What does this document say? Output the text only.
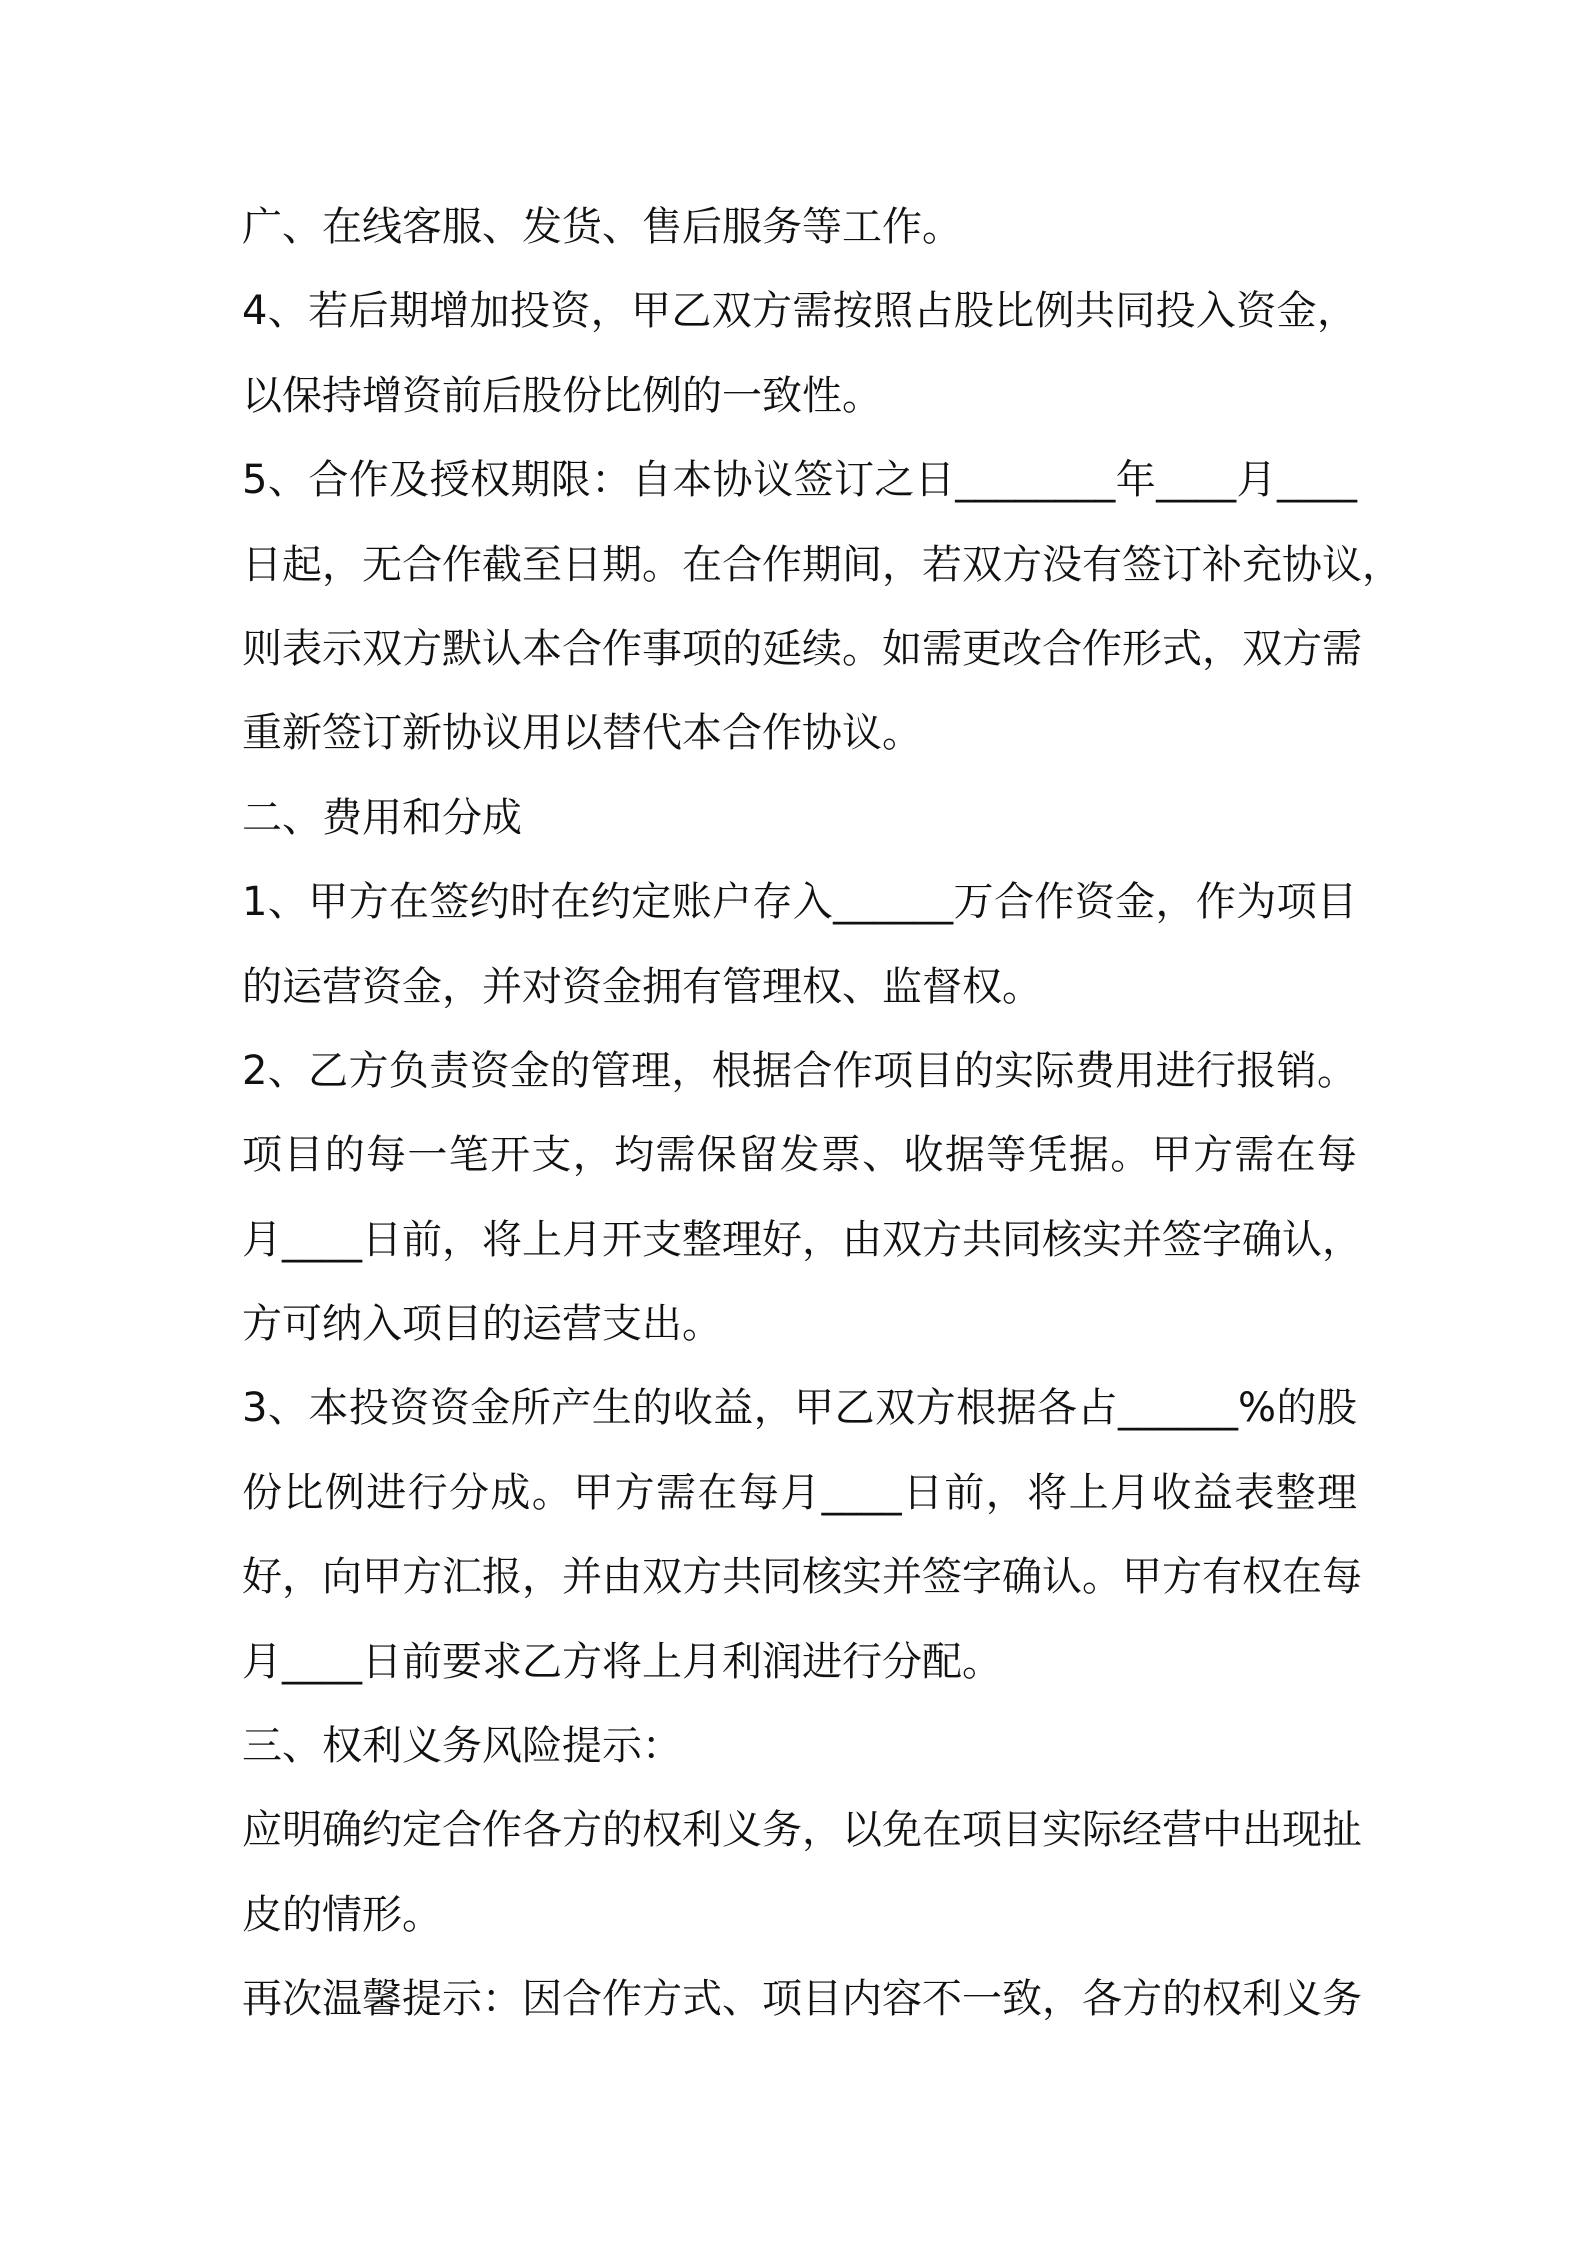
广、在线客服、发货、售后服务等工作。
4、若后期增加投资，甲乙双方需按照占股比例共同投入资金，
以保持增资前后股份比例的一致性。
5、合作及授权期限：自本协议签订之日________年____月____
日起，无合作截至日期。在合作期间，若双方没有签订补充协议，
则表示双方默认本合作事项的延续。如需更改合作形式，双方需
重新签订新协议用以替代本合作协议。
二、费用和分成
1、甲方在签约时在约定账户存入______万合作资金，作为项目
的运营资金，并对资金拥有管理权、监督权。
2、乙方负责资金的管理，根据合作项目的实际费用进行报销。
项目的每一笔开支，均需保留发票、收据等凭据。甲方需在每
月____日前，将上月开支整理好，由双方共同核实并签字确认，
方可纳入项目的运营支出。
3、本投资资金所产生的收益，甲乙双方根据各占______%的股
份比例进行分成。甲方需在每月____日前，将上月收益表整理
好，向甲方汇报，并由双方共同核实并签字确认。甲方有权在每
月____日前要求乙方将上月利润进行分配。
三、权利义务风险提示：
应明确约定合作各方的权利义务，以免在项目实际经营中出现扯
皮的情形。
再次温馨提示：因合作方式、项目内容不一致，各方的权利义务
